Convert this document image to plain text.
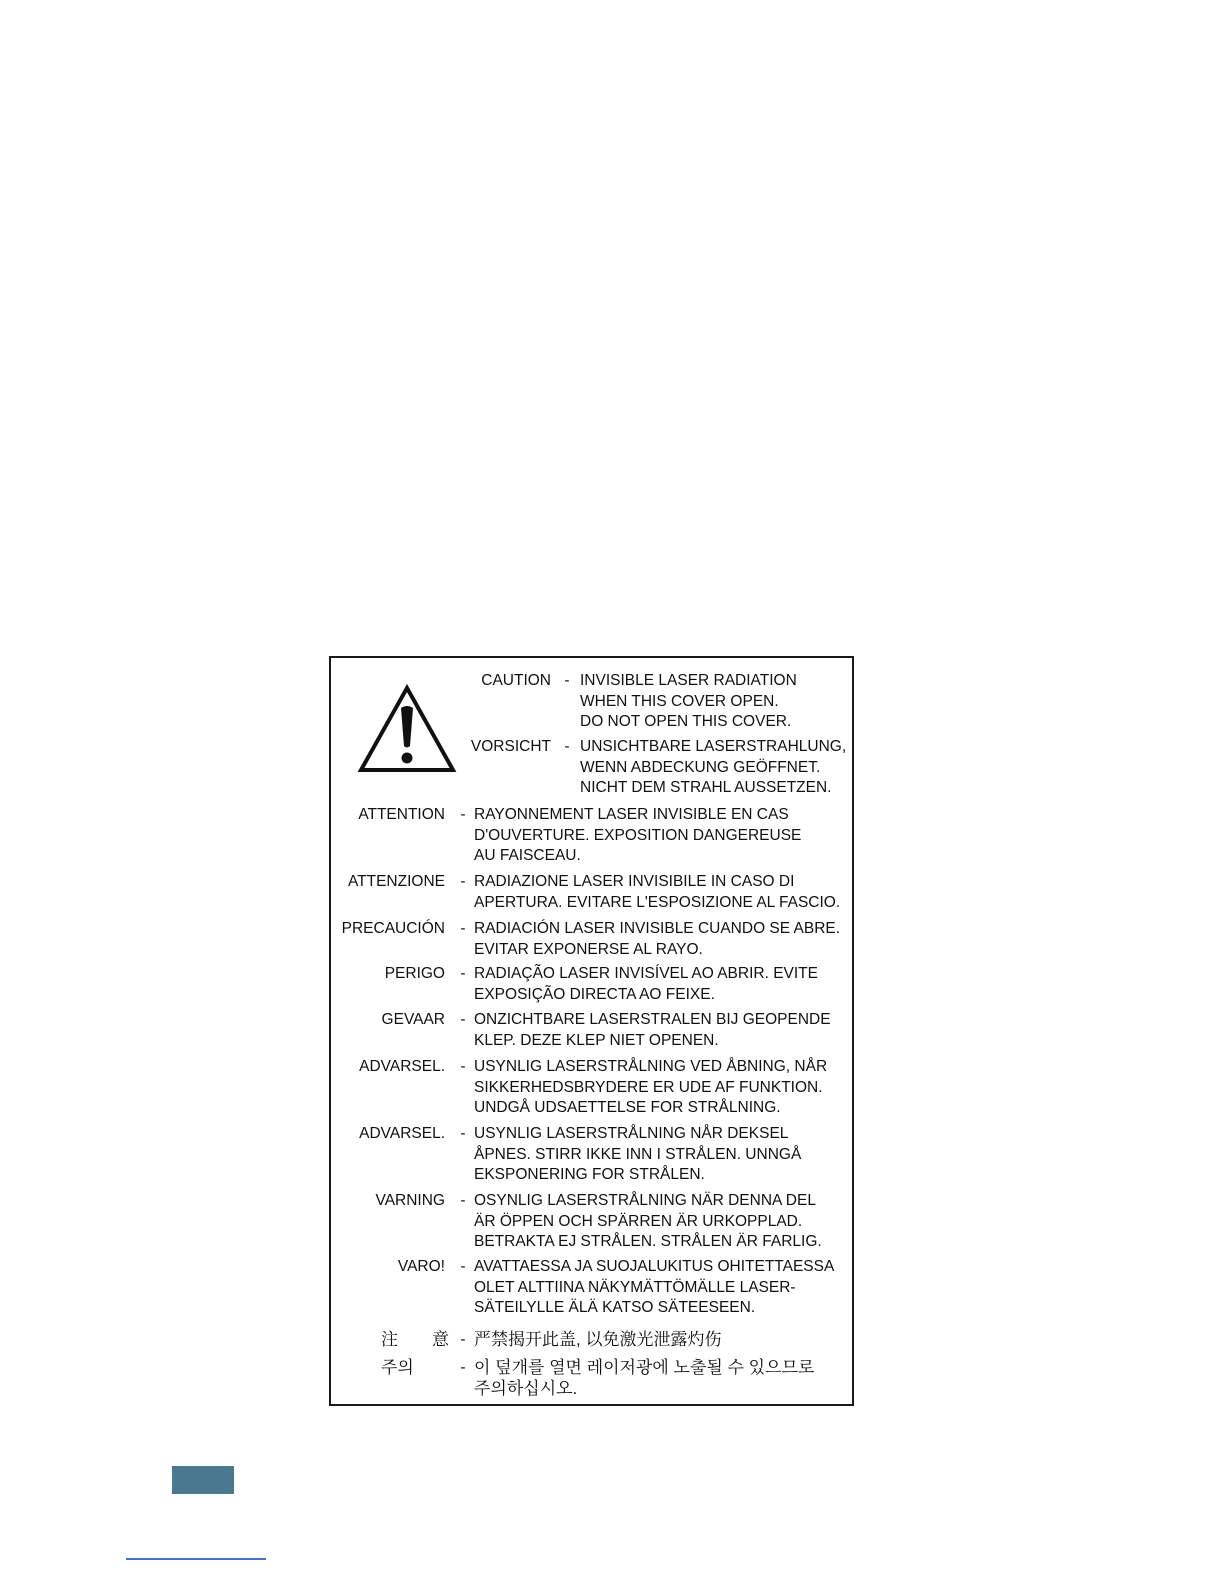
CAUTION - INVISIBLE LASER RADIATION
WHEN THIS COVER OPEN.
DO NOT OPEN THIS COVER.
VORSICHT - UNSICHTBARE LASERSTRAHLUNG,
WENN ABDECKUNG GEÖFFNET.
NICHT DEM STRAHL AUSSETZEN.
ATTENTION - RAYONNEMENT LASER INVISIBLE EN CAS
D'OUVERTURE. EXPOSITION DANGEREUSE
AU FAISCEAU.
ATTENZIONE - RADIAZIONE LASER INVISIBILE IN CASO DI
APERTURA. EVITARE L'ESPOSIZIONE AL FASCIO.
PRECAUCIÓN - RADIACIÓN LASER INVISIBLE CUANDO SE ABRE.
EVITAR EXPONERSE AL RAYO.
PERIGO - RADIAÇÃO LASER INVISÍVEL AO ABRIR. EVITE
EXPOSIÇÃO DIRECTA AO FEIXE.
GEVAAR - ONZICHTBARE LASERSTRALEN BIJ GEOPENDE
KLEP. DEZE KLEP NIET OPENEN.
ADVARSEL. - USYNLIG LASERSTRÅLNING VED ÅBNING, NÅR
SIKKERHEDSBRYDERE ER UDE AF FUNKTION.
UNDGÅ UDSAETTELSE FOR STRÅLNING.
ADVARSEL. - USYNLIG LASERSTRÅLNING NÅR DEKSEL
ÅPNES. STIRR IKKE INN I STRÅLEN. UNNGÅ
EKSPONERING FOR STRÅLEN.
VARNING - OSYNLIG LASERSTRÅLNING NÄR DENNA DEL
ÄR ÖPPEN OCH SPÄRREN ÄR URKOPPLAD.
BETRAKTA EJ STRÅLEN. STRÅLEN ÄR FARLIG.
VARO! - AVATTAESSA JA SUOJALUKITUS OHITETTAESSA
OLET ALTTIINA NÄKYMÄTTÖMÄLLE LASER-
SÄTEILYLLE ÄLÄ KATSO SÄTEESEEN.
注意 - 严禁揭开此盖, 以免激光泄露灼伤
주의	- 이 덮개를 열면 레이저광에 노출될 수 있으므로
주의하십시오.
